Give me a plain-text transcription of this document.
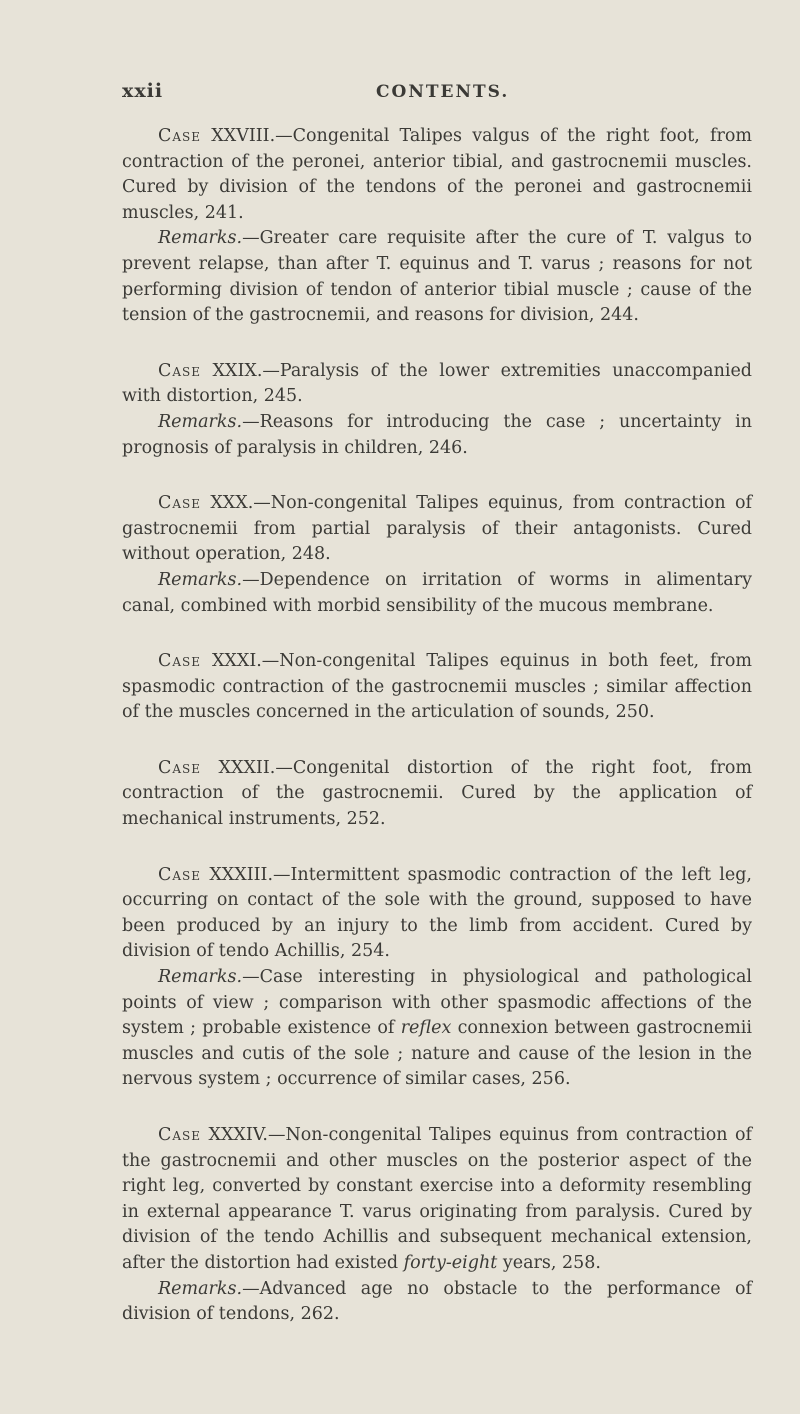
xxii	CONTENTS.

Case XXVIII.—Congenital Talipes valgus of the right foot, from contraction of the peronei, anterior tibial, and gastrocnemii muscles. Cured by division of the tendons of the peronei and gastrocnemii muscles, 241.

Remarks.—Greater care requisite after the cure of T. valgus to prevent relapse, than after T. equinus and T. varus ; reasons for not performing division of tendon of anterior tibial muscle ; cause of the tension of the gastrocnemii, and reasons for division, 244.

Case XXIX.—Paralysis of the lower extremities unaccompanied with distortion, 245.

Remarks.—Reasons for introducing the case ; uncertainty in prognosis of paralysis in children, 246.

Case XXX.—Non-congenital Talipes equinus, from contraction of gastrocnemii from partial paralysis of their antagonists. Cured without operation, 248.

Remarks.—Dependence on irritation of worms in alimentary canal, combined with morbid sensibility of the mucous membrane.

Case XXXI.—Non-congenital Talipes equinus in both feet, from spasmodic contraction of the gastrocnemii muscles ; similar affection of the muscles concerned in the articulation of sounds, 250.

Case XXXII.—Congenital distortion of the right foot, from contraction of the gastrocnemii. Cured by the application of mechanical instruments, 252.

Case XXXIII.—Intermittent spasmodic contraction of the left leg, occurring on contact of the sole with the ground, supposed to have been produced by an injury to the limb from accident. Cured by division of tendo Achillis, 254.

Remarks.—Case interesting in physiological and pathological points of view ; comparison with other spasmodic affections of the system ; probable existence of reflex connexion between gastrocnemii muscles and cutis of the sole ; nature and cause of the lesion in the nervous system ; occurrence of similar cases, 256.

Case XXXIV.—Non-congenital Talipes equinus from contraction of the gastrocnemii and other muscles on the posterior aspect of the right leg, converted by constant exercise into a deformity resembling in external appearance T. varus originating from paralysis. Cured by division of the tendo Achillis and subsequent mechanical extension, after the distortion had existed forty-eight years, 258.

Remarks.—Advanced age no obstacle to the performance of division of tendons, 262.
